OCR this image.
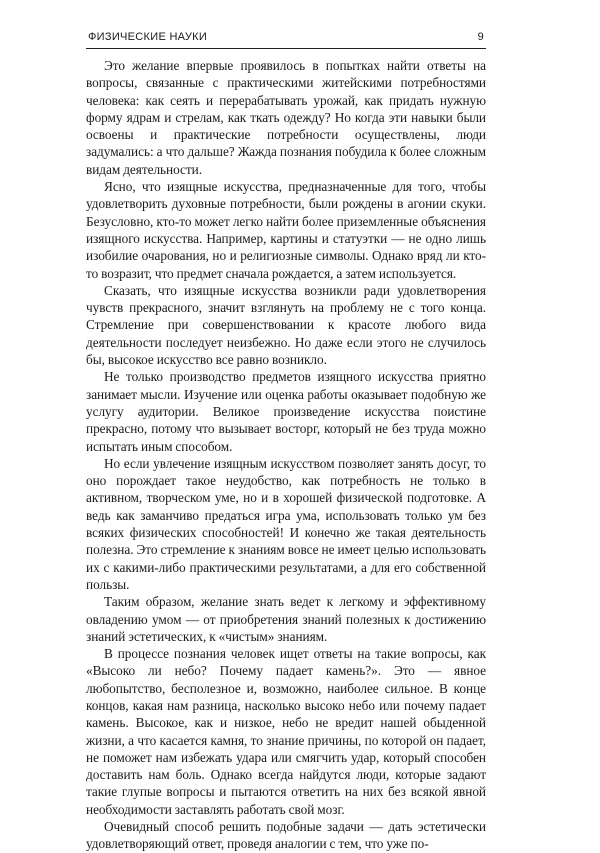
ФИЗИЧЕСКИЕ НАУКИ	9

Это желание впервые проявилось в попытках найти ответы на вопросы, связанные с практическими житейскими потребностями человека: как сеять и перерабатывать урожай, как придать нужную форму ядрам и стрелам, как ткать одежду? Но когда эти навыки были освоены и практические потребности осуществлены, люди задумались: а что дальше? Жажда познания побудила к более сложным видам деятельности.

Ясно, что изящные искусства, предназначенные для того, чтобы удовлетворить духовные потребности, были рождены в агонии скуки. Безусловно, кто-то может легко найти более приземленные объяснения изящного искусства. Например, картины и статуэтки — не одно лишь изобилие очарования, но и религиозные символы. Однако вряд ли кто-то возразит, что предмет сначала рождается, а затем используется.

Сказать, что изящные искусства возникли ради удовлетворения чувств прекрасного, значит взглянуть на проблему не с того конца. Стремление при совершенствовании к красоте любого вида деятельности последует неизбежно. Но даже если этого не случилось бы, высокое искусство все равно возникло.

Не только производство предметов изящного искусства приятно занимает мысли. Изучение или оценка работы оказывает подобную же услугу аудитории. Великое произведение искусства поистине прекрасно, потому что вызывает восторг, который не без труда можно испытать иным способом.

Но если увлечение изящным искусством позволяет занять досуг, то оно порождает такое неудобство, как потребность не только в активном, творческом уме, но и в хорошей физической подготовке. А ведь как заманчиво предаться игра ума, использовать только ум без всяких физических способностей! И конечно же такая деятельность полезна. Это стремление к знаниям вовсе не имеет целью использовать их с какими-либо практическими результатами, а для его собственной пользы.

Таким образом, желание знать ведет к легкому и эффективному овладению умом — от приобретения знаний полезных к достижению знаний эстетических, к «чистым» знаниям.

В процессе познания человек ищет ответы на такие вопросы, как «Высоко ли небо? Почему падает камень?». Это — явное любопытство, бесполезное и, возможно, наиболее сильное. В конце концов, какая нам разница, насколько высоко небо или почему падает камень. Высокое, как и низкое, небо не вредит нашей обыденной жизни, а что касается камня, то знание причины, по которой он падает, не поможет нам избежать удара или смягчить удар, который способен доставить нам боль. Однако всегда найдутся люди, которые задают такие глупые вопросы и пытаются ответить на них без всякой явной необходимости заставлять работать свой мозг.

Очевидный способ решить подобные задачи — дать эстетически удовлетворяющий ответ, проведя аналогии с тем, что уже по-
